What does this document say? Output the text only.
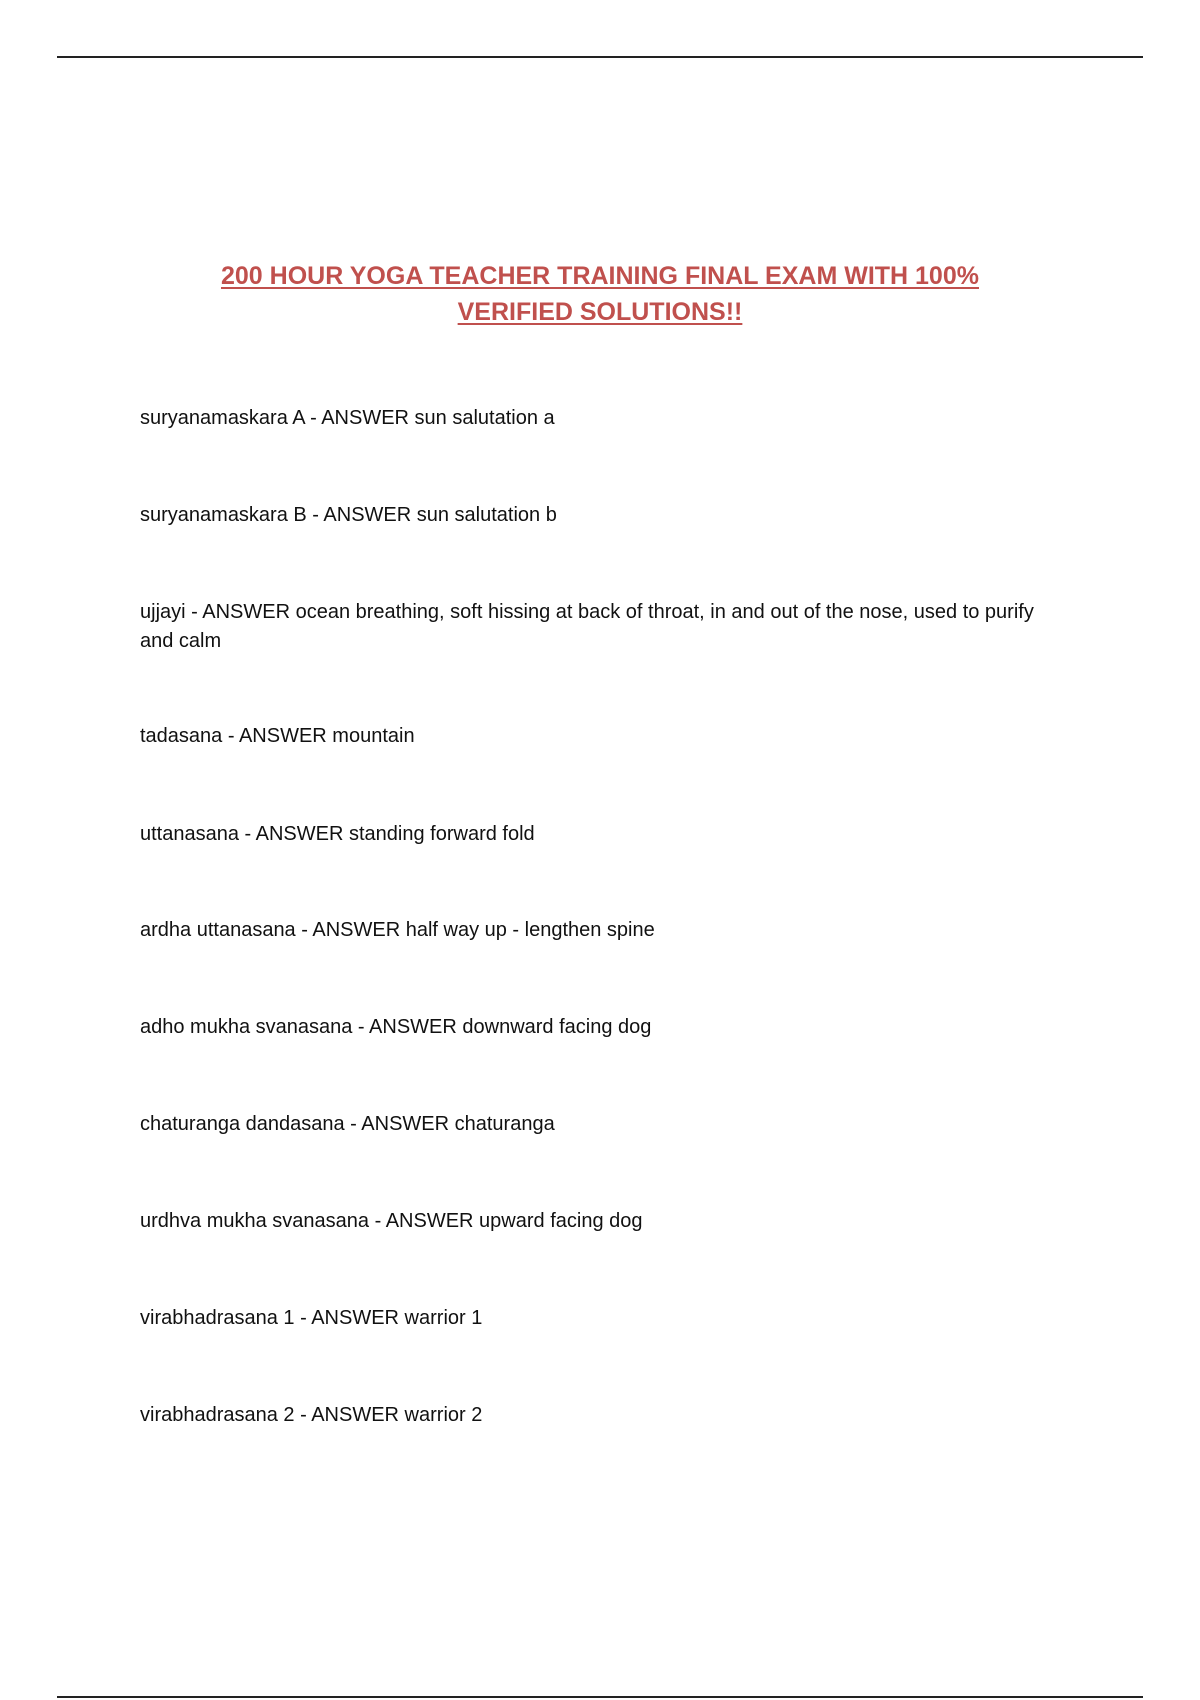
200 HOUR YOGA TEACHER TRAINING FINAL EXAM WITH 100%
VERIFIED SOLUTIONS!!
suryanamaskara A - ANSWER sun salutation a
suryanamaskara B - ANSWER sun salutation b
ujjayi - ANSWER ocean breathing, soft hissing at back of throat, in and out of the nose, used to purify and calm
tadasana - ANSWER mountain
uttanasana - ANSWER standing forward fold
ardha uttanasana - ANSWER half way up - lengthen spine
adho mukha svanasana - ANSWER downward facing dog
chaturanga dandasana - ANSWER chaturanga
urdhva mukha svanasana - ANSWER upward facing dog
virabhadrasana 1 - ANSWER warrior 1
virabhadrasana 2 - ANSWER warrior 2
